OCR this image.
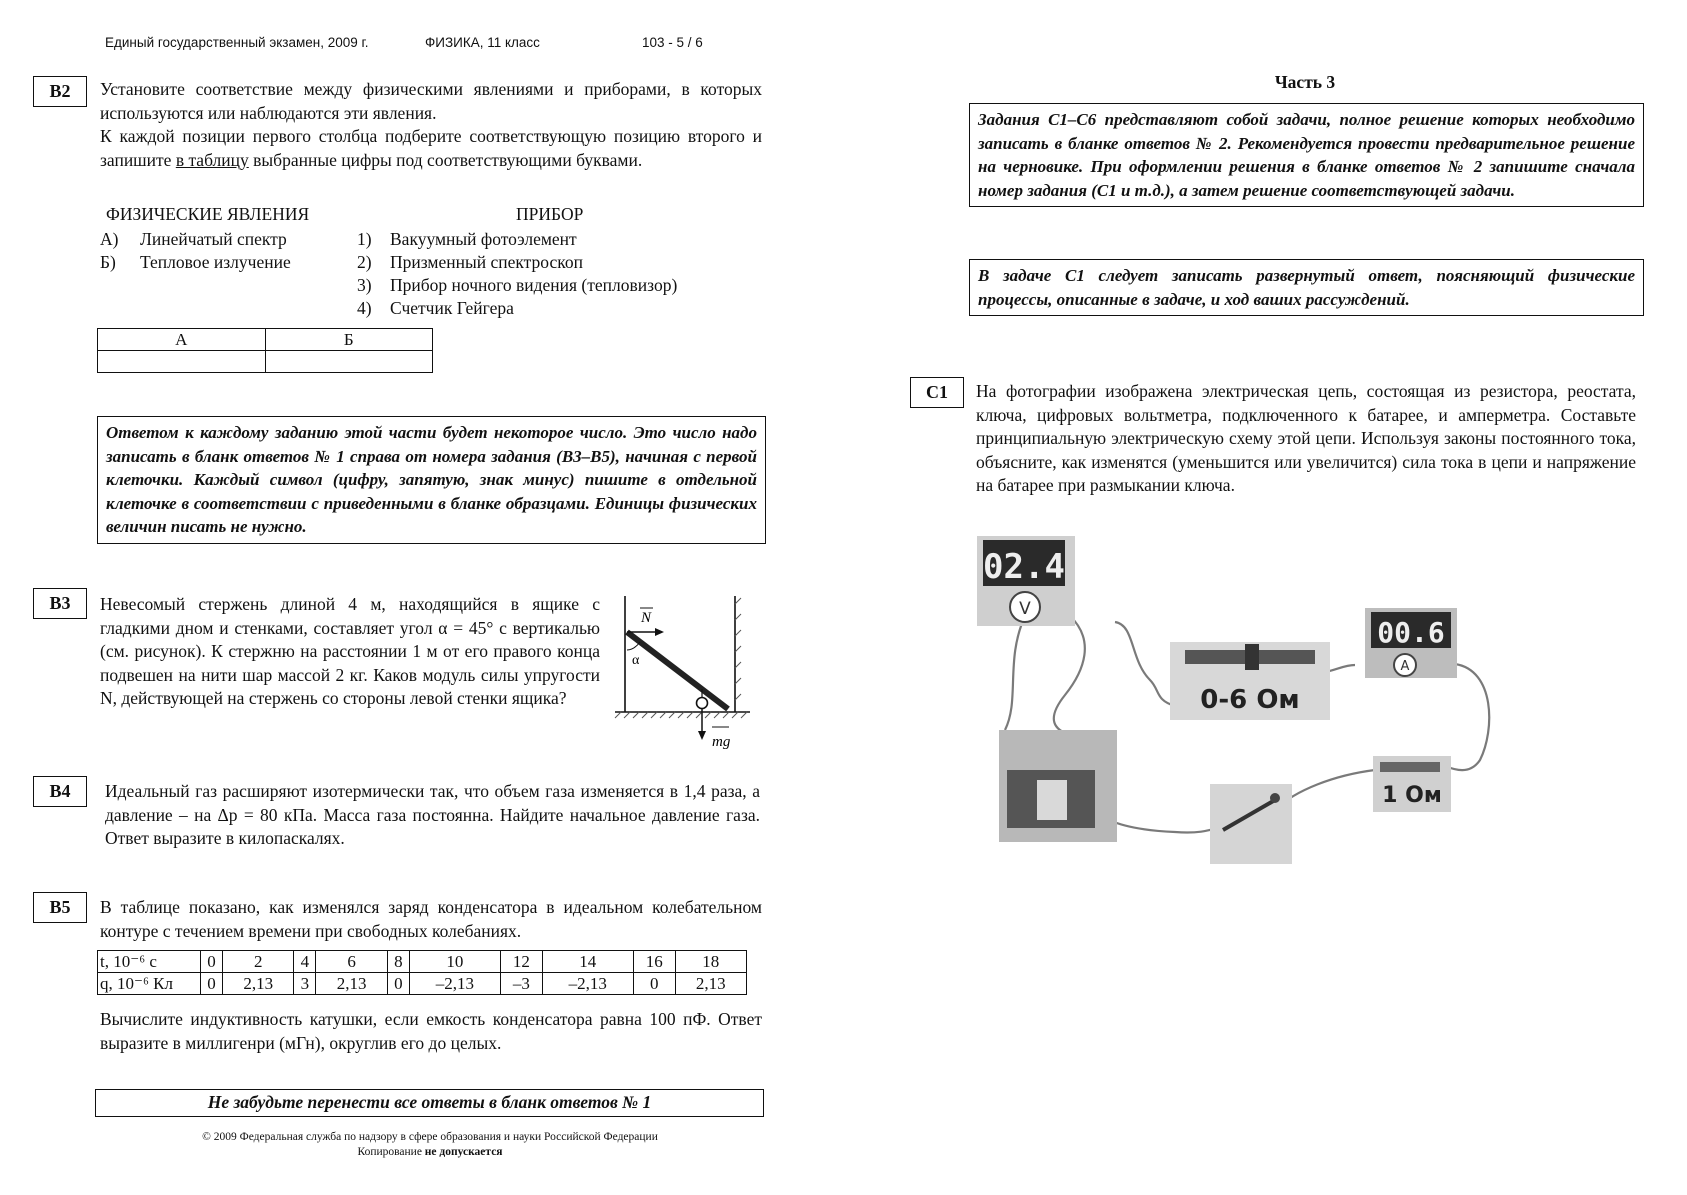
Единый государственный экзамен, 2009 г.	ФИЗИКА, 11 класс	103 - 5 / 6
B2	Установите соответствие между физическими явлениями и приборами, в которых используются или наблюдаются эти явления.
К каждой позиции первого столбца подберите соответствующую позицию второго и запишите в таблицу выбранные цифры под соответствующими буквами.
ФИЗИЧЕСКИЕ ЯВЛЕНИЯ	ПРИБОР
А) Линейчатый спектр
Б) Тепловое излучение
1) Вакуумный фотоэлемент
2) Призменный спектроскоп
3) Прибор ночного видения (тепловизор)
4) Счетчик Гейгера
А	Б

Ответом к каждому заданию этой части будет некоторое число. Это число надо записать в бланк ответов № 1 справа от номера задания (В3–В5), начиная с первой клеточки. Каждый символ (цифру, запятую, знак минус) пишите в отдельной клеточке в соответствии с приведенными в бланке образцами. Единицы физических величин писать не нужно.
B3	Невесомый стержень длиной 4 м, находящийся в ящике с гладкими дном и стенками, составляет угол α = 45° с вертикалью (см. рисунок). К стержню на расстоянии 1 м от его правого конца подвешен на нити шар массой 2 кг. Каков модуль силы упругости N, действующей на стержень со стороны левой стенки ящика?
N
α
mg
B4	Идеальный газ расширяют изотермически так, что объем газа изменяется в 1,4 раза, а давление – на Δp = 80 кПа. Масса газа постоянна. Найдите начальное давление газа. Ответ выразите в килопаскалях.
B5	В таблице показано, как изменялся заряд конденсатора в идеальном колебательном контуре с течением времени при свободных колебаниях.
t, 10⁻⁶ с	0	2	4	6	8	10	12	14	16	18
q, 10⁻⁶ Кл	0	2,13	3	2,13	0	–2,13	–3	–2,13	0	2,13
Вычислите индуктивность катушки, если емкость конденсатора равна 100 пФ. Ответ выразите в миллигенри (мГн), округлив его до целых.
Не забудьте перенести все ответы в бланк ответов № 1
© 2009 Федеральная служба по надзору в сфере образования и науки Российской Федерации
Копирование не допускается
Часть 3
Задания С1–С6 представляют собой задачи, полное решение которых необходимо записать в бланке ответов № 2. Рекомендуется провести предварительное решение на черновике. При оформлении решения в бланке ответов № 2 запишите сначала номер задания (С1 и т.д.), а затем решение соответствующей задачи.
В задаче С1 следует записать развернутый ответ, поясняющий физические процессы, описанные в задаче, и ход ваших рассуждений.
C1	На фотографии изображена электрическая цепь, состоящая из резистора, реостата, ключа, цифровых вольтметра, подключенного к батарее, и амперметра. Составьте принципиальную электрическую схему этой цепи. Используя законы постоянного тока, объясните, как изменятся (уменьшится или увеличится) сила тока в цепи и напряжение на батарее при размыкании ключа.
02.4
V
00.6
A
0-6 Ом
1 Ом
